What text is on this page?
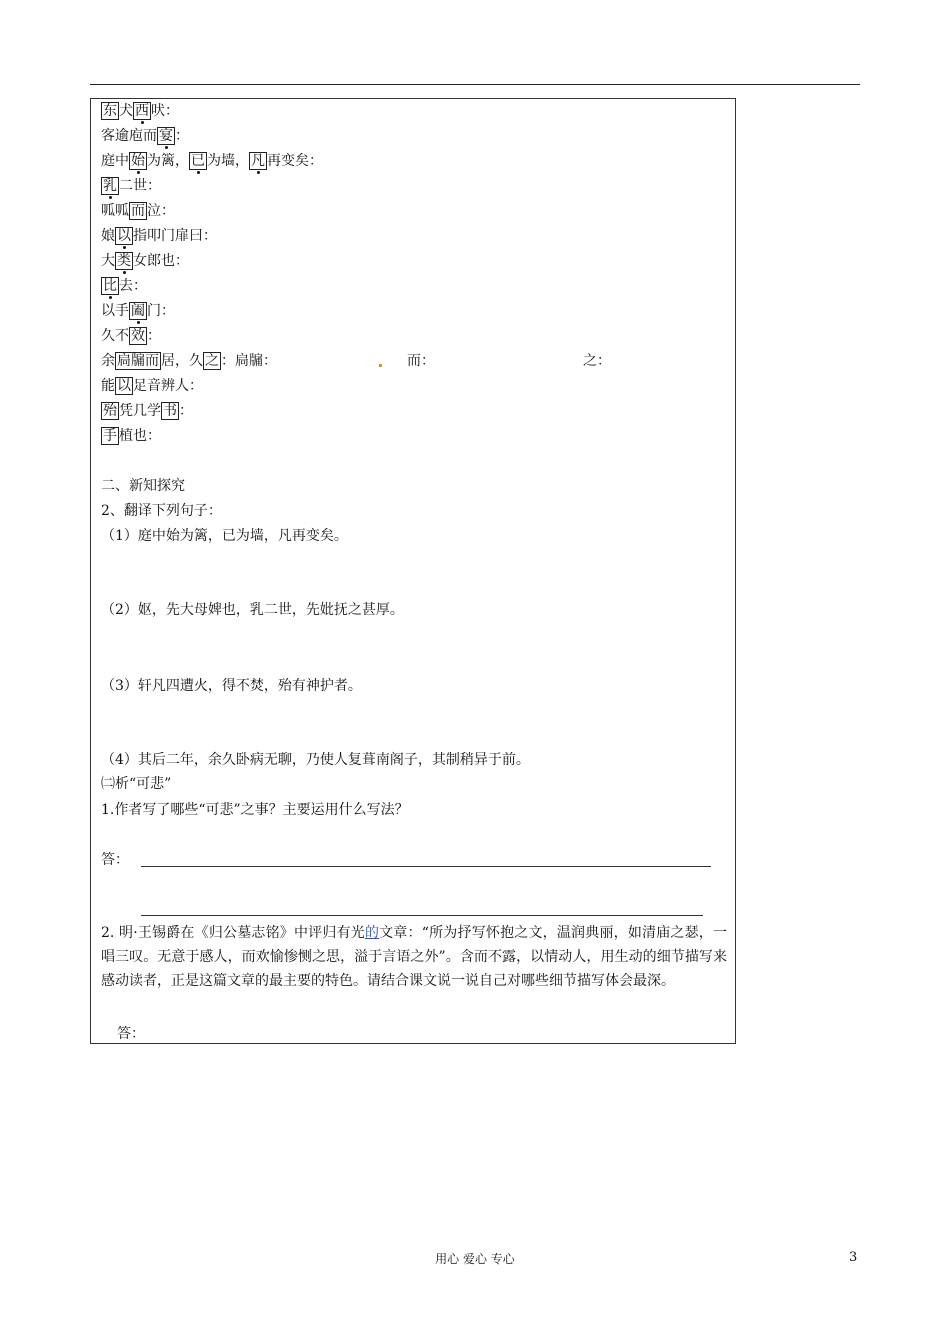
东 犬 西 吠：
客逾庖而 宴 ：
庭中 始 为篱， 已 为墙， 凡 再变矣：
乳 二世：
呱呱 而 泣：
娘 以 指叩门扉曰：
大 类 女郎也：
比 去：
以手 阖 门：
久不 效 ：
余 扃牖而 居，久 之 ：扃牖：	而：	之：
能 以 足音辨人：
殆 凭几学 书 ：
手 植也：
二、新知探究
2、翻译下列句子：
（1）庭中始为篱，已为墙，凡再变矣。
（2）妪，先大母婢也，乳二世，先妣抚之甚厚。
（3）轩凡四遭火，得不焚，殆有神护者。
（4）其后二年，余久卧病无聊，乃使人复葺南阁子，其制稍异于前。
㈡析“可悲”
1.作者写了哪些“可悲”之事？主要运用什么写法？
答：
2. 明·王锡爵在《归公墓志铭》中评归有光的文章：“所为抒写怀抱之文，温润典丽，如清庙之瑟，一唱三叹。无意于感人，而欢愉惨恻之思，溢于言语之外”。含而不露，以情动人，用生动的细节描写来感动读者，正是这篇文章的最主要的特色。请结合课文说一说自己对哪些细节描写体会最深。
答：
用心 爱心 专心	3
